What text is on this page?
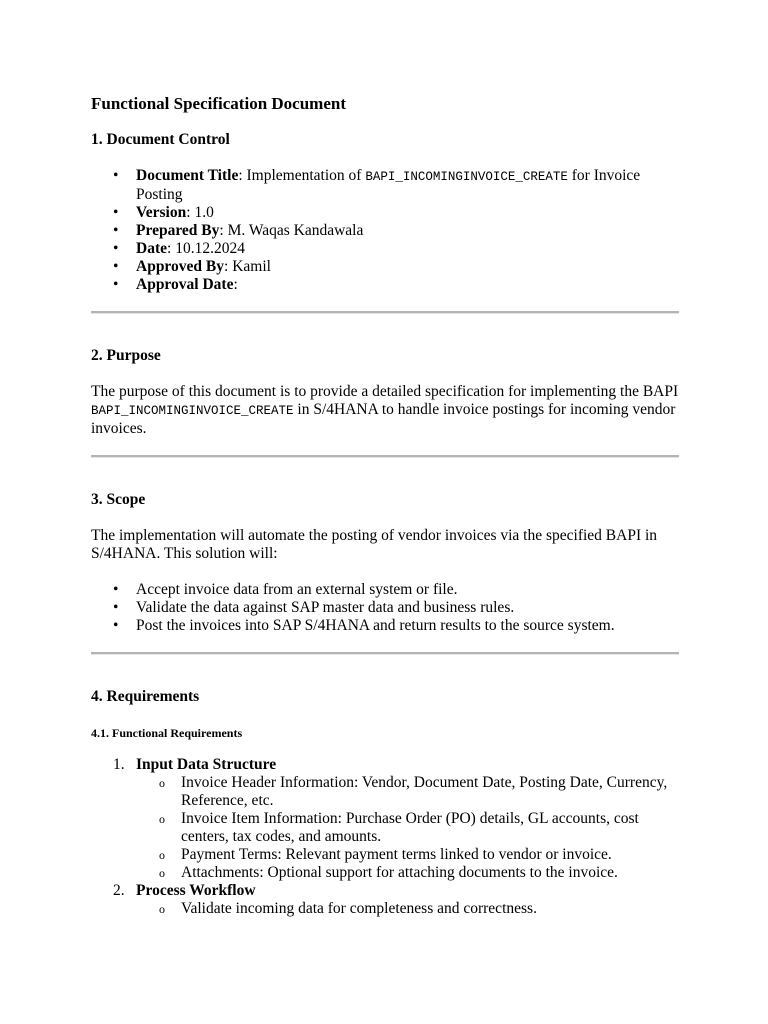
Functional Specification Document
1. Document Control
• Document Title: Implementation of BAPI_INCOMINGINVOICE_CREATE for Invoice Posting
• Version: 1.0
• Prepared By: M. Waqas Kandawala
• Date: 10.12.2024
• Approved By: Kamil
• Approval Date:
2. Purpose

The purpose of this document is to provide a detailed specification for implementing the BAPI BAPI_INCOMINGINVOICE_CREATE in S/4HANA to handle invoice postings for incoming vendor invoices.

3. Scope

The implementation will automate the posting of vendor invoices via the specified BAPI in S/4HANA. This solution will:

• Accept invoice data from an external system or file.
• Validate the data against SAP master data and business rules.
• Post the invoices into SAP S/4HANA and return results to the source system.
4. Requirements
4.1. Functional Requirements
1. Input Data Structure
o Invoice Header Information: Vendor, Document Date, Posting Date, Currency, Reference, etc.
o Invoice Item Information: Purchase Order (PO) details, GL accounts, cost centers, tax codes, and amounts.
o Payment Terms: Relevant payment terms linked to vendor or invoice.
o Attachments: Optional support for attaching documents to the invoice.
2. Process Workflow
o Validate incoming data for completeness and correctness.
